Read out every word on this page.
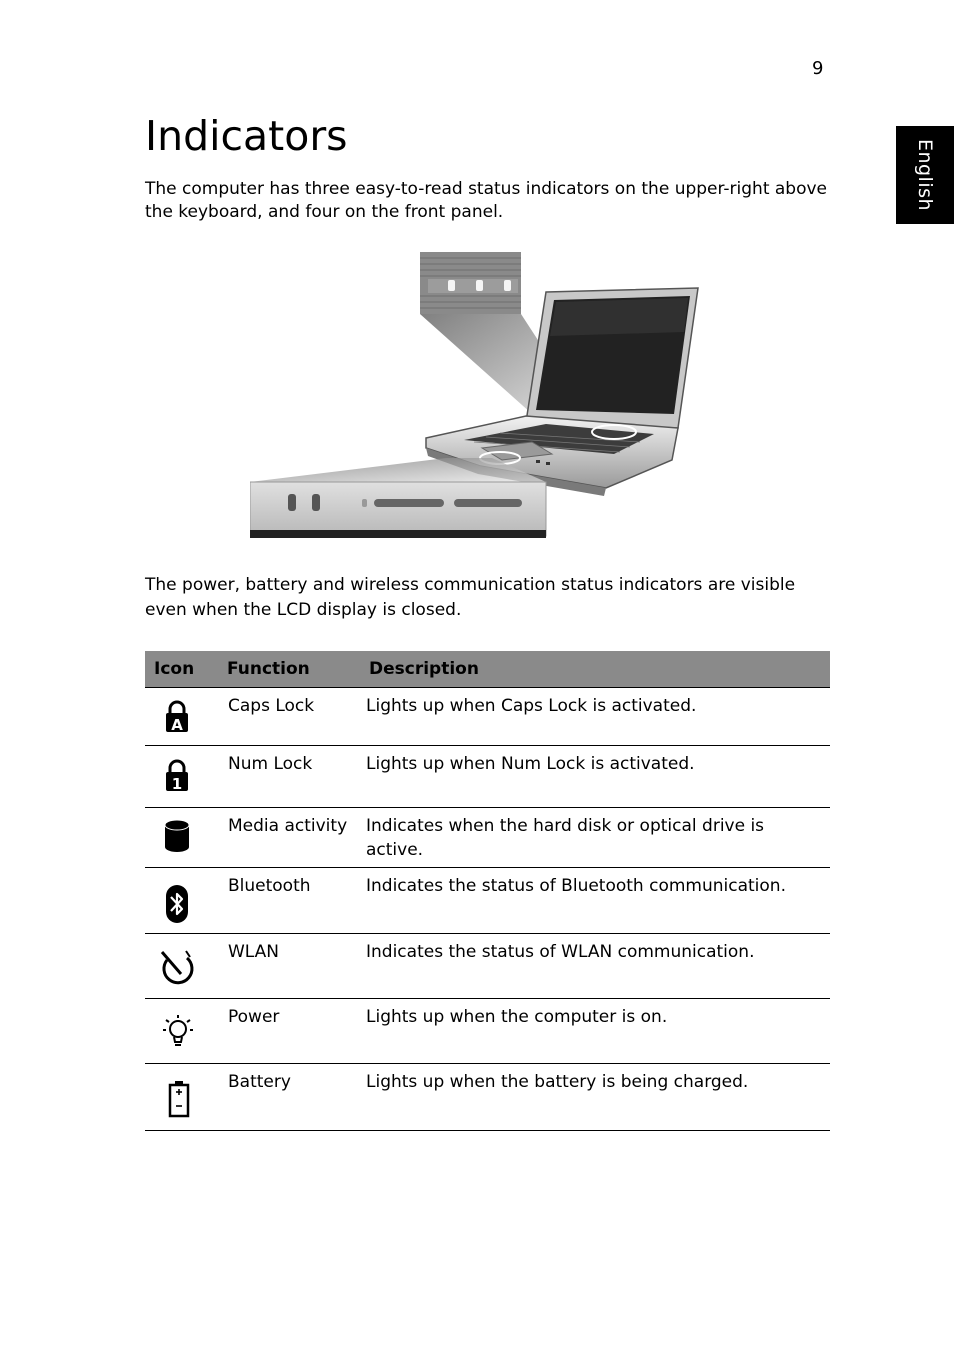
9
English
Indicators

The computer has three easy-to-read status indicators on the upper-right above the keyboard, and four on the front panel.

The power, battery and wireless communication status indicators are visible even when the LCD display is closed.

Icon	Function	Description

A	Caps Lock	Lights up when Caps Lock is activated.

1	Num Lock	Lights up when Num Lock is activated.

	Media activity	Indicates when the hard disk or optical drive is active.

	Bluetooth	Indicates the status of Bluetooth communication.

	WLAN	Indicates the status of WLAN communication.

	Power	Lights up when the computer is on.

	Battery	Lights up when the battery is being charged.
